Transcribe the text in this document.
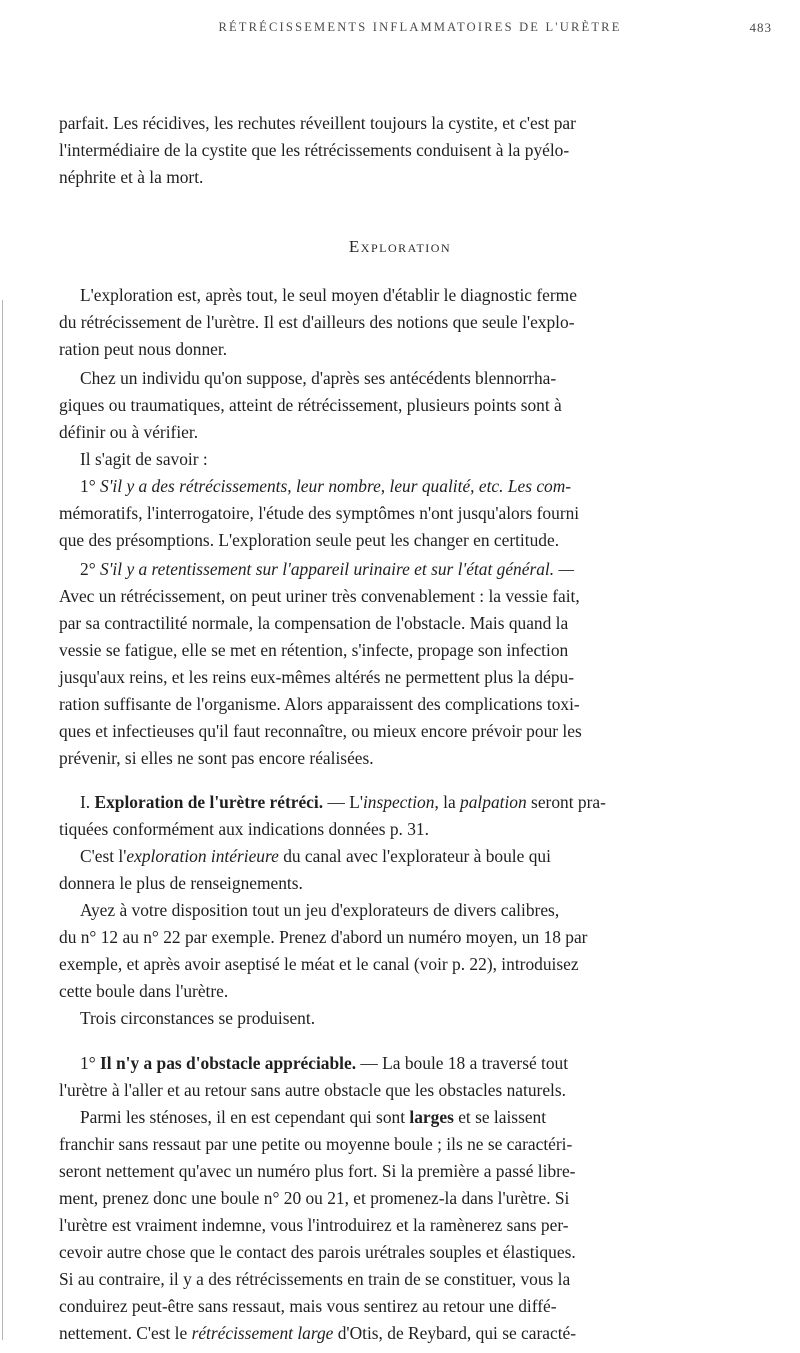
RÉTRÉCISSEMENTS INFLAMMATOIRES DE L'URÈTRE	483
parfait. Les récidives, les rechutes réveillent toujours la cystite, et c'est par
l'intermédiaire de la cystite que les rétrécissements conduisent à la pyélo-
néphrite et à la mort.
Exploration
L'exploration est, après tout, le seul moyen d'établir le diagnostic ferme
du rétrécissement de l'urètre. Il est d'ailleurs des notions que seule l'explo-
ration peut nous donner.
Chez un individu qu'on suppose, d'après ses antécédents blennorrha-
giques ou traumatiques, atteint de rétrécissement, plusieurs points sont à
définir ou à vérifier.
Il s'agit de savoir :
1° S'il y a des rétrécissements, leur nombre, leur qualité, etc. Les com-
mémoratifs, l'interrogatoire, l'étude des symptômes n'ont jusqu'alors fourni
que des présomptions. L'exploration seule peut les changer en certitude.
2° S'il y a retentissement sur l'appareil urinaire et sur l'état général. —
Avec un rétrécissement, on peut uriner très convenablement : la vessie fait,
par sa contractilité normale, la compensation de l'obstacle. Mais quand la
vessie se fatigue, elle se met en rétention, s'infecte, propage son infection
jusqu'aux reins, et les reins eux-mêmes altérés ne permettent plus la dépu-
ration suffisante de l'organisme. Alors apparaissent des complications toxi-
ques et infectieuses qu'il faut reconnaître, ou mieux encore prévoir pour les
prévenir, si elles ne sont pas encore réalisées.
I. Exploration de l'urètre rétréci. — L'inspection, la palpation seront pra-
tiquées conformément aux indications données p. 31.
C'est l'exploration intérieure du canal avec l'explorateur à boule qui
donnera le plus de renseignements.
Ayez à votre disposition tout un jeu d'explorateurs de divers calibres,
du n° 12 au n° 22 par exemple. Prenez d'abord un numéro moyen, un 18 par
exemple, et après avoir aseptisé le méat et le canal (voir p. 22), introduisez
cette boule dans l'urètre.
Trois circonstances se produisent.
1° Il n'y a pas d'obstacle appréciable. — La boule 18 a traversé tout
l'urètre à l'aller et au retour sans autre obstacle que les obstacles naturels.
Parmi les sténoses, il en est cependant qui sont larges et se laissent
franchir sans ressaut par une petite ou moyenne boule ; ils ne se caractéri-
seront nettement qu'avec un numéro plus fort. Si la première a passé libre-
ment, prenez donc une boule n° 20 ou 21, et promenez-la dans l'urètre. Si
l'urètre est vraiment indemne, vous l'introduirez et la ramènerez sans per-
cevoir autre chose que le contact des parois urétrales souples et élastiques.
Si au contraire, il y a des rétrécissements en train de se constituer, vous la
conduirez peut-être sans ressaut, mais vous sentirez au retour une diffé-
nettement. C'est le rétrécissement large d'Otis, de Reybard, qui se caracté-
